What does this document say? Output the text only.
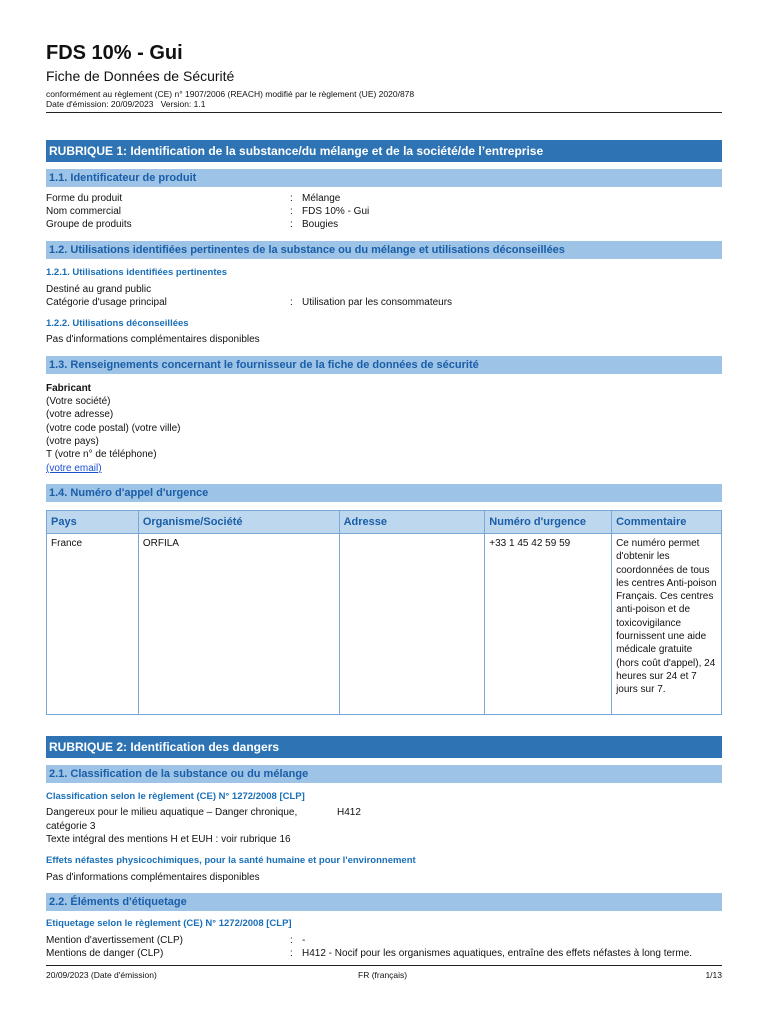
FDS 10% - Gui
Fiche de Données de Sécurité
conformément au règlement (CE) n° 1907/2006 (REACH) modifié par le règlement (UE) 2020/878
Date d'émission: 20/09/2023 Version: 1.1
RUBRIQUE 1: Identification de la substance/du mélange et de la société/de l’entreprise
1.1. Identificateur de produit
Forme du produit	: Mélange
Nom commercial	: FDS 10% - Gui
Groupe de produits	: Bougies
1.2. Utilisations identifiées pertinentes de la substance ou du mélange et utilisations déconseillées
1.2.1. Utilisations identifiées pertinentes
Destiné au grand public
Catégorie d'usage principal	: Utilisation par les consommateurs
1.2.2. Utilisations déconseillées
Pas d'informations complémentaires disponibles
1.3. Renseignements concernant le fournisseur de la fiche de données de sécurité
Fabricant
(Votre société)
(votre adresse)
(votre code postal) (votre ville)
(votre pays)
T (votre n° de téléphone)
(votre email)
1.4. Numéro d'appel d'urgence
Pays	Organisme/Société	Adresse	Numéro d'urgence	Commentaire
France	ORFILA		+33 1 45 42 59 59	Ce numéro permet d'obtenir les coordonnées de tous les centres Anti-poison Français. Ces centres anti-poison et de toxicovigilance fournissent une aide médicale gratuite (hors coût d'appel), 24 heures sur 24 et 7 jours sur 7.
RUBRIQUE 2: Identification des dangers
2.1. Classification de la substance ou du mélange
Classification selon le règlement (CE) N° 1272/2008 [CLP]
Dangereux pour le milieu aquatique – Danger chronique,	H412
catégorie 3
Texte intégral des mentions H et EUH : voir rubrique 16
Effets néfastes physicochimiques, pour la santé humaine et pour l'environnement
Pas d'informations complémentaires disponibles
2.2. Éléments d'étiquetage
Etiquetage selon le règlement (CE) N° 1272/2008 [CLP]
Mention d'avertissement (CLP)	: -
Mentions de danger (CLP)	: H412 - Nocif pour les organismes aquatiques, entraîne des effets néfastes à long terme.
20/09/2023 (Date d'émission)	FR (français)	1/13
